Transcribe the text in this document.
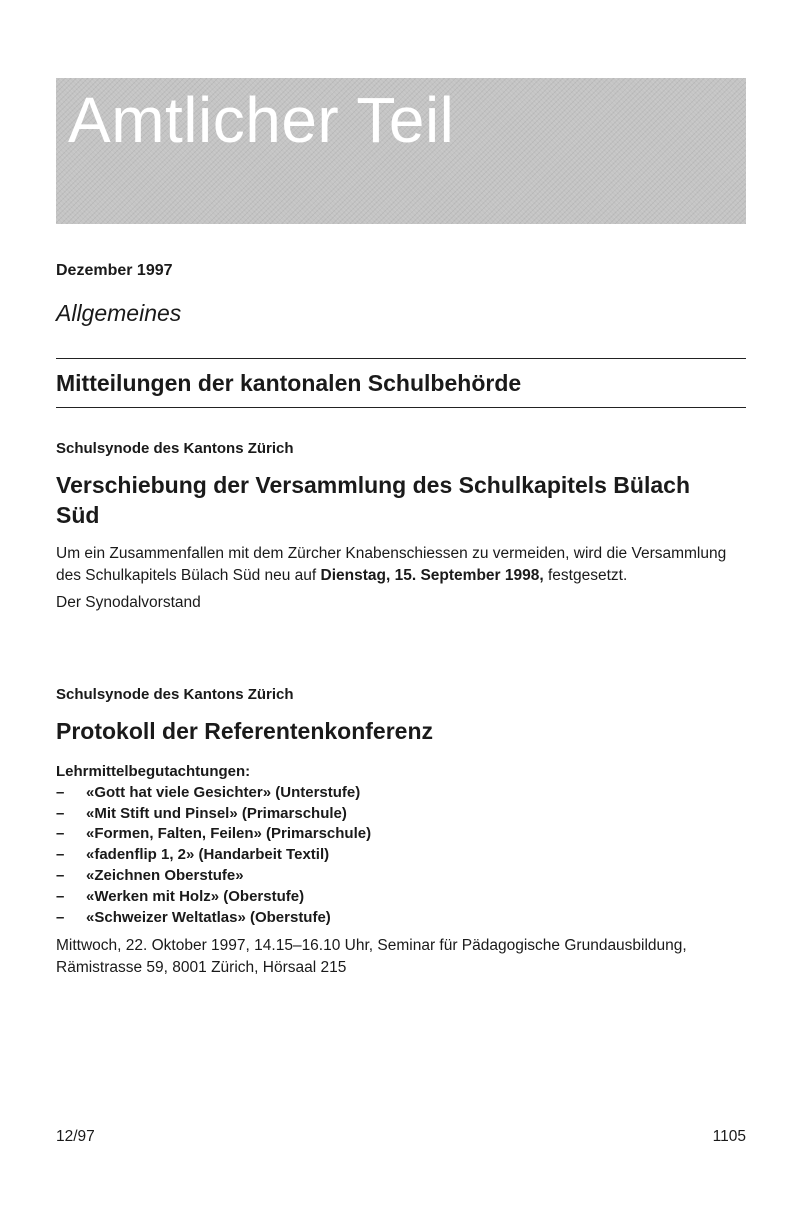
Amtlicher Teil
Dezember 1997
Allgemeines
Mitteilungen der kantonalen Schulbehörde
Schulsynode des Kantons Zürich
Verschiebung der Versammlung des Schulkapitels Bülach Süd

Um ein Zusammenfallen mit dem Zürcher Knabenschiessen zu vermeiden, wird die Versammlung des Schulkapitels Bülach Süd neu auf Dienstag, 15. September 1998, festgesetzt.

Der Synodalvorstand
Schulsynode des Kantons Zürich
Protokoll der Referentenkonferenz
Lehrmittelbegutachtungen:
– «Gott hat viele Gesichter» (Unterstufe)
– «Mit Stift und Pinsel» (Primarschule)
– «Formen, Falten, Feilen» (Primarschule)
– «fadenflip 1, 2» (Handarbeit Textil)
– «Zeichnen Oberstufe»
– «Werken mit Holz» (Oberstufe)
– «Schweizer Weltatlas» (Oberstufe)

Mittwoch, 22. Oktober 1997, 14.15–16.10 Uhr, Seminar für Pädagogische Grundausbildung, Rämistrasse 59, 8001 Zürich, Hörsaal 215

12/97	1105
